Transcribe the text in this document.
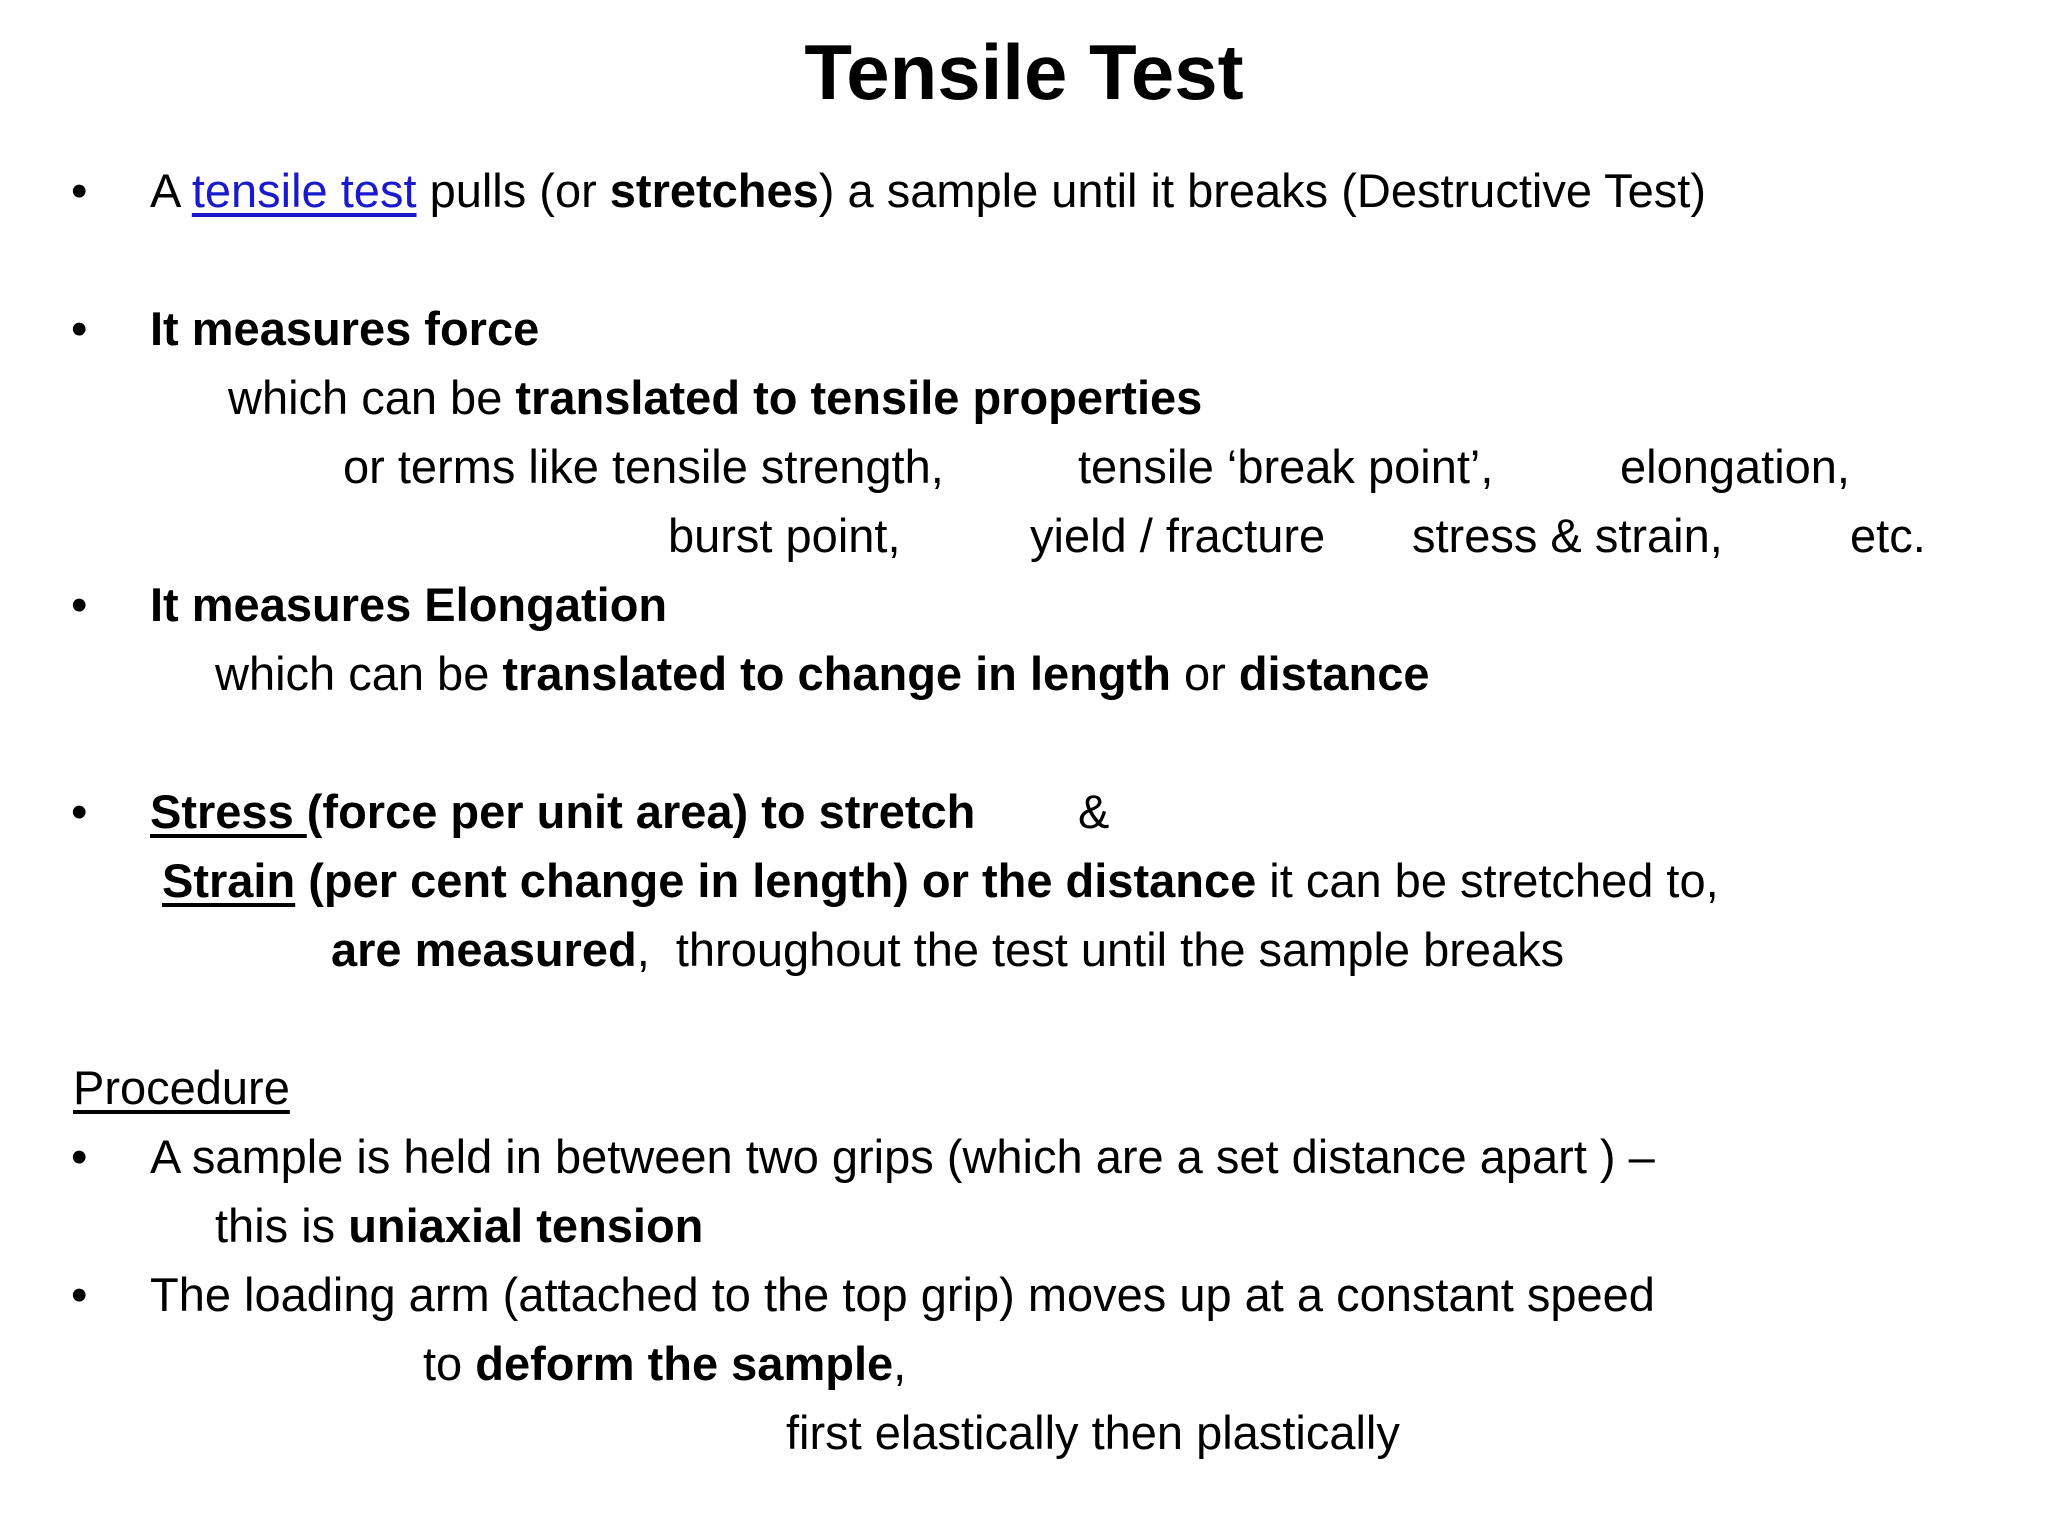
Tensile Test
• A tensile test pulls (or stretches) a sample until it breaks (Destructive Test)
• It measures force
which can be translated to tensile properties
or terms like tensile strength,	tensile ‘break point’,	elongation,
burst point,	yield / fracture stress & strain,	etc.
• It measures Elongation
which can be translated to change in length or distance
• Stress (force per unit area) to stretch &
Strain (per cent change in length) or the distance it can be stretched to,
are measured,  throughout the test until the sample breaks
Procedure
• A sample is held in between two grips (which are a set distance apart ) –
this is uniaxial tension
• The loading arm (attached to the top grip) moves up at a constant speed
to deform the sample,
first elastically then plastically
